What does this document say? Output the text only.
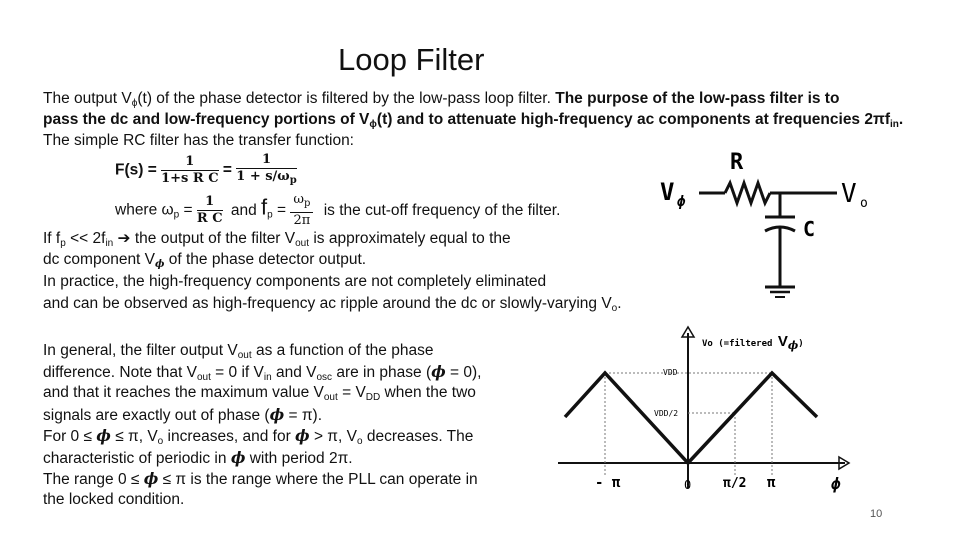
Loop Filter
The output $V_\phi(t)$ of the phase detector is filtered by the low-pass loop filter. The purpose of the low-pass filter is to
pass the dc and low-frequency portions of $V_\phi(t)$ and to attenuate high-frequency ac components at frequencies $2\pi f_{in}$.
The simple RC filter has the transfer function:
$F(s) = \frac{1}{\text{1+s R C}} = \frac{1}{1 + s/\omega_p}$
where $\omega_p = \frac{1}{\text{R C}}$ and $f_p = \frac{\omega_p}{2\pi}$ is the cut-off frequency of the filter.
If $f_p << 2f_{in}$ ➔ the output of the filter $V_{out}$ is approximately equal to the
dc component $V_\phi$ of the phase detector output.
In practice, the high-frequency components are not completely eliminated
and can be observed as high-frequency ac ripple around the dc or slowly-varying $V_o$.
In general, the filter output $V_{out}$ as a function of the phase
difference. Note that $V_{out} = 0$ if $V_{in}$ and $V_{osc}$ are in phase (ϕ = 0),
and that it reaches the maximum value $V_{out} = V_{DD}$ when the two
signals are exactly out of phase (ϕ = π).
For 0 ≤ ϕ ≤ π, $V_o$ increases, and for ϕ > π, $V_o$ decreases. The
characteristic of periodic in ϕ with period 2π.
The range 0 ≤ ϕ ≤ π is the range where the PLL can operate in
the locked condition.
V ϕ
R
V o
C
Vo (=filtered Vϕ)
VDD
VDD/2
- π	0 π/2 π	ϕ
10
